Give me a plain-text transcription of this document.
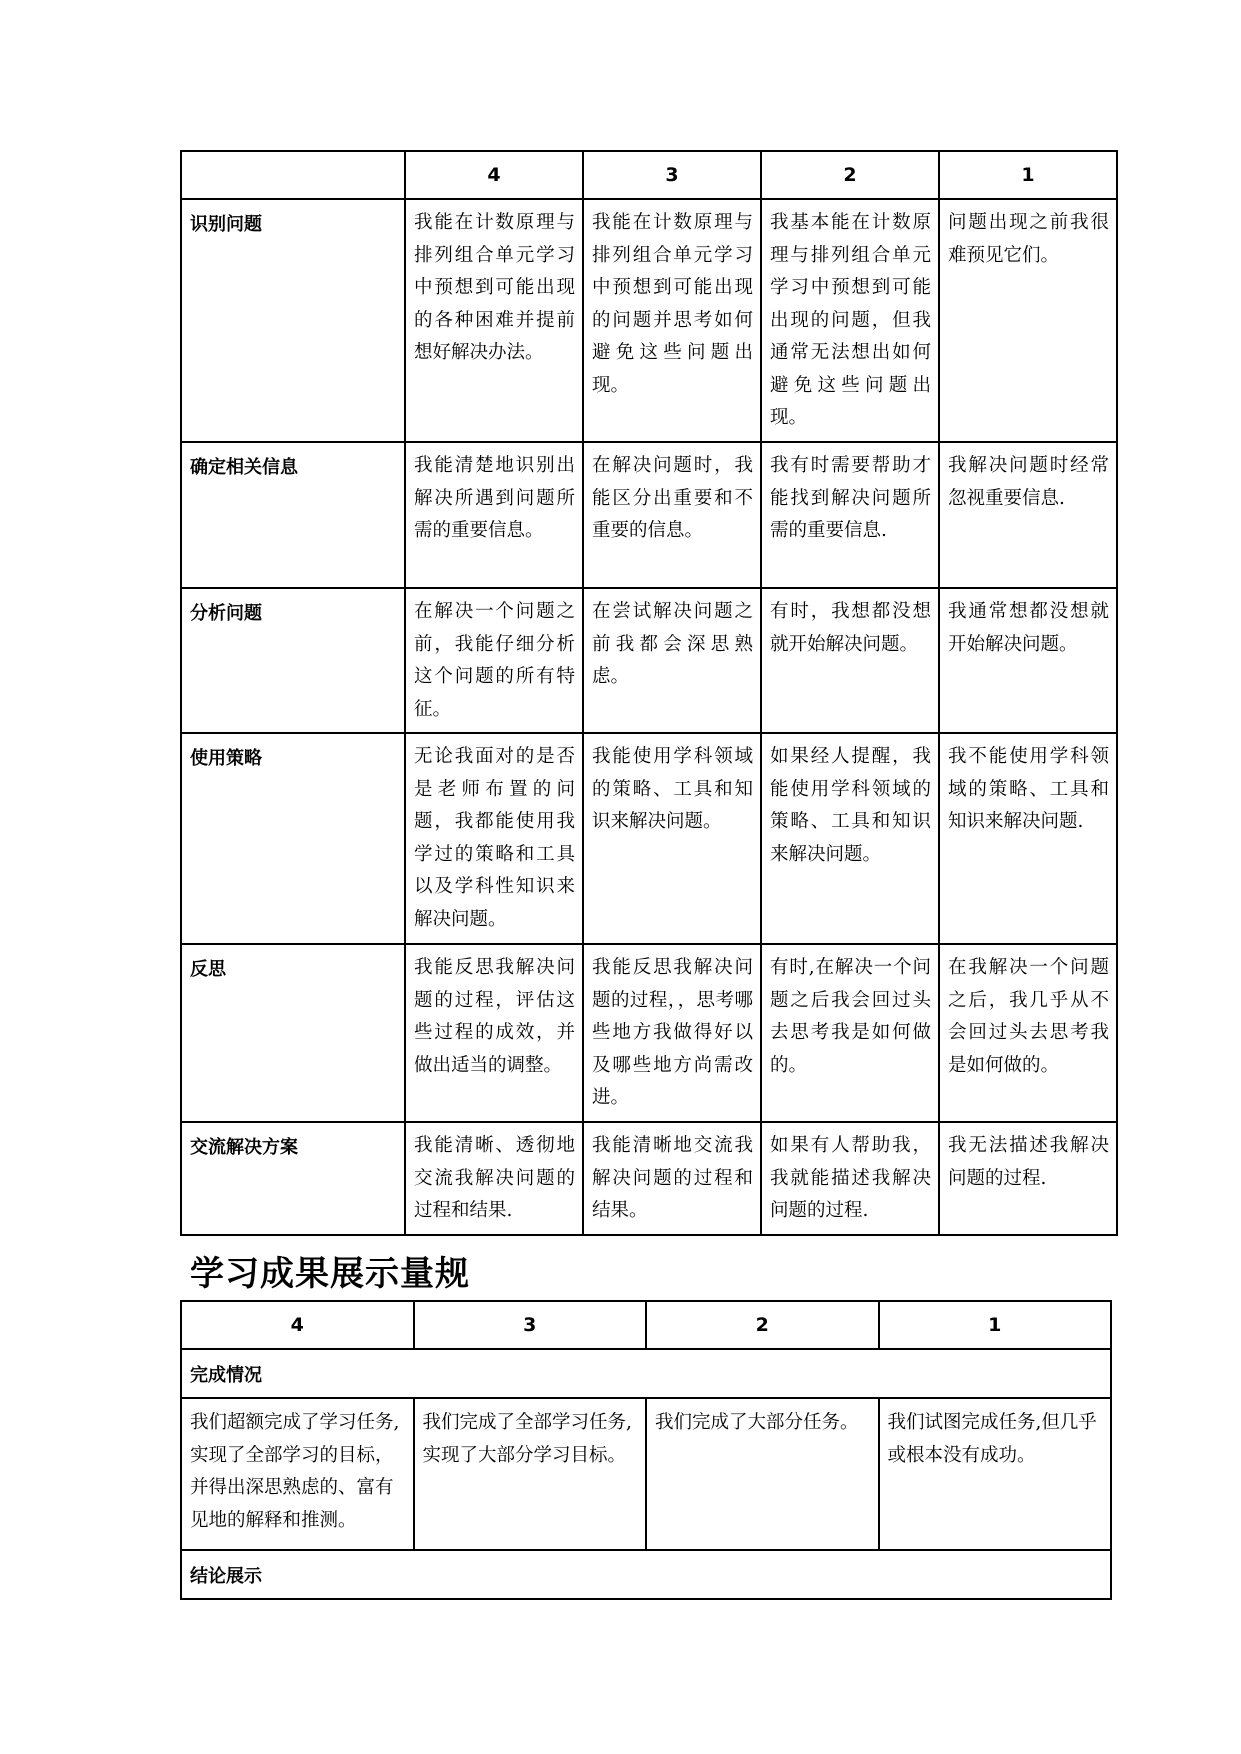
	4	3	2	1
识别问题	我能在计数原理与排列组合单元学习中预想到可能出现的各种困难并提前想好解决办法。	我能在计数原理与排列组合单元学习中预想到可能出现的问题并思考如何避免这些问题出现。	我基本能在计数原理与排列组合单元学习中预想到可能出现的问题，但我通常无法想出如何避免这些问题出现。	问题出现之前我很难预见它们。
确定相关信息	我能清楚地识别出解决所遇到问题所需的重要信息。	在解决问题时，我能区分出重要和不重要的信息。	我有时需要帮助才能找到解决问题所需的重要信息.	我解决问题时经常忽视重要信息.
分析问题	在解决一个问题之前，我能仔细分析这个问题的所有特征。	在尝试解决问题之前我都会深思熟虑。	有时，我想都没想就开始解决问题。	我通常想都没想就开始解决问题。
使用策略	无论我面对的是否是老师布置的问题，我都能使用我学过的策略和工具以及学科性知识来解决问题。	我能使用学科领域的策略、工具和知识来解决问题。	如果经人提醒，我能使用学科领域的策略、工具和知识来解决问题。	我不能使用学科领域的策略、工具和知识来解决问题.
反思	我能反思我解决问题的过程，评估这些过程的成效，并做出适当的调整。	我能反思我解决问题的过程，，思考哪些地方我做得好以及哪些地方尚需改进。	有时,在解决一个问题之后我会回过头去思考我是如何做的。	在我解决一个问题之后，我几乎从不会回过头去思考我是如何做的。
交流解决方案	我能清晰、透彻地交流我解决问题的过程和结果.	我能清晰地交流我解决问题的过程和结果。	如果有人帮助我，我就能描述我解决问题的过程.	我无法描述我解决问题的过程.
学习成果展示量规
4	3	2	1
完成情况			
我们超额完成了学习任务,实现了全部学习的目标，并得出深思熟虑的、富有见地的解释和推测。	我们完成了全部学习任务,实现了大部分学习目标。	我们完成了大部分任务。	我们试图完成任务,但几乎或根本没有成功。
结论展示			
